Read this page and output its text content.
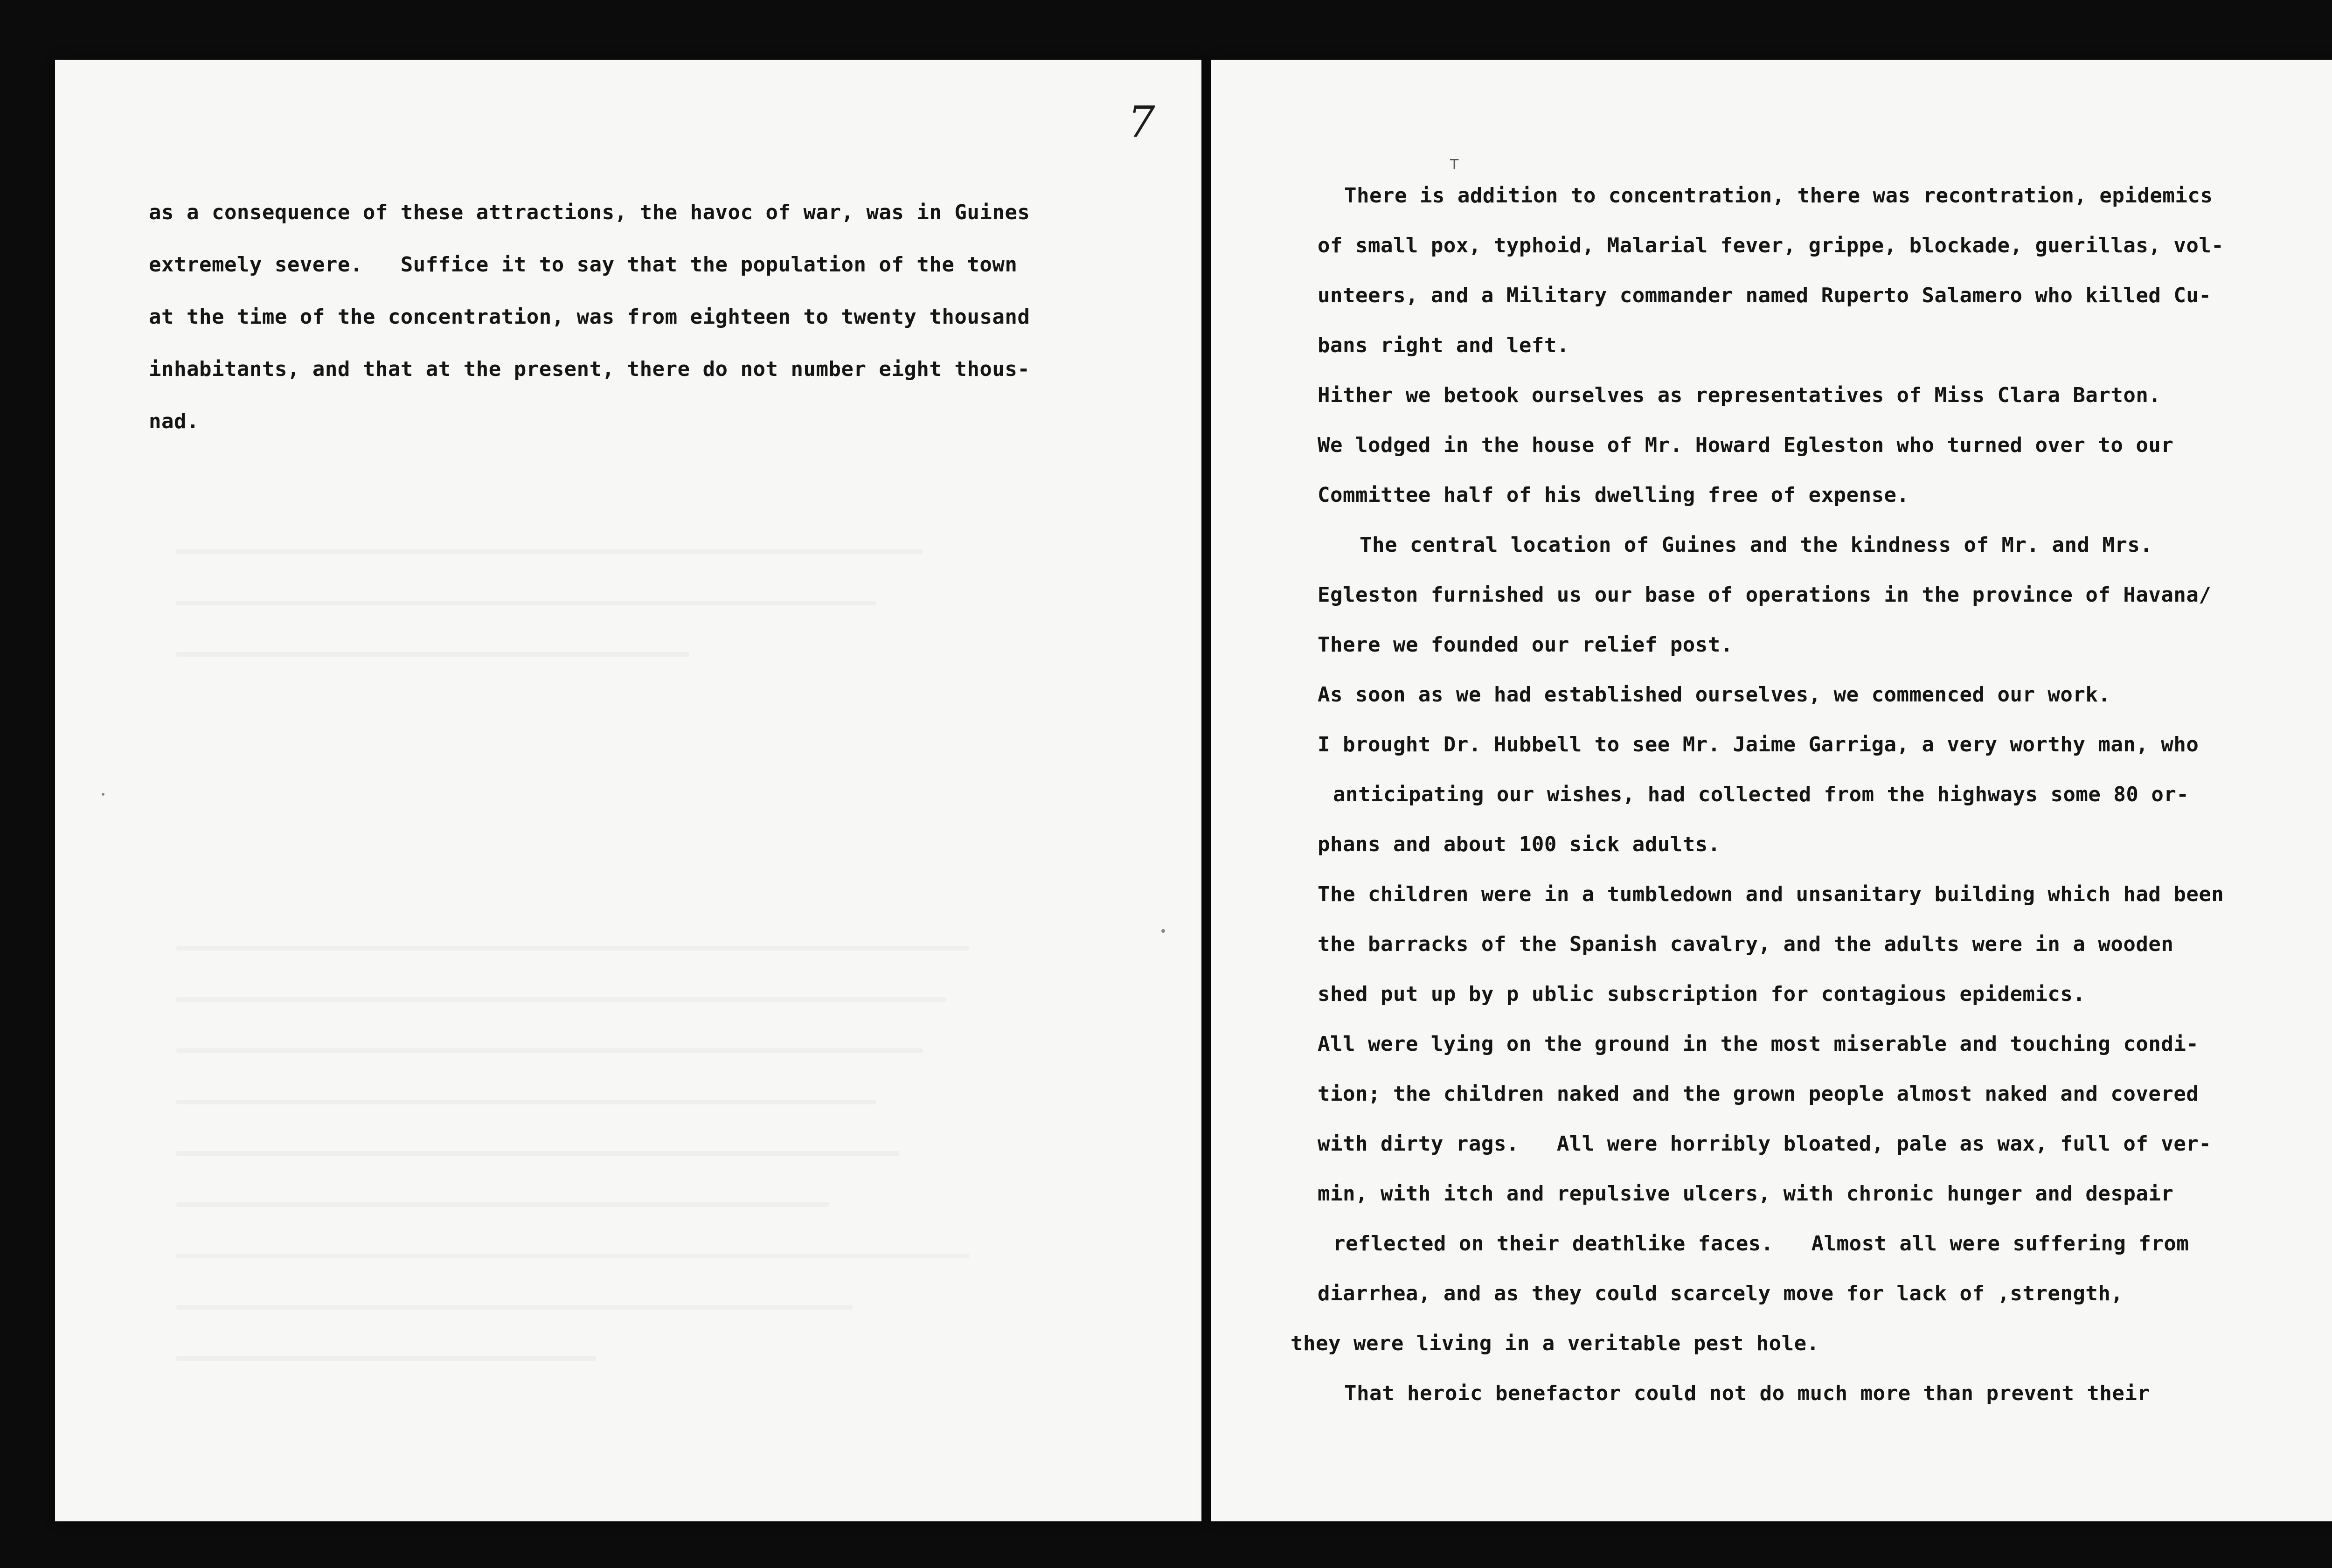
7
as a consequence of these attractions, the havoc of war, was in Guines
extremely severe.   Suffice it to say that the population of the town
at the time of the concentration, was from eighteen to twenty thousand
inhabitants, and that at the present, there do not number eight thous-
nad.
T
There is addition to concentration, there was recontration, epidemics
of small pox, typhoid, Malarial fever, grippe, blockade, guerillas, vol-
unteers, and a Military commander named Ruperto Salamero who killed Cu-
bans right and left.
Hither we betook ourselves as representatives of Miss Clara Barton.
We lodged in the house of Mr. Howard Egleston who turned over to our
Committee half of his dwelling free of expense.
The central location of Guines and the kindness of Mr. and Mrs.
Egleston furnished us our base of operations in the province of Havana/
There we founded our relief post.
As soon as we had established ourselves, we commenced our work.
I brought Dr. Hubbell to see Mr. Jaime Garriga, a very worthy man, who
anticipating our wishes, had collected from the highways some 80 or-
phans and about 100 sick adults.
The children were in a tumbledown and unsanitary building which had been
the barracks of the Spanish cavalry, and the adults were in a wooden
shed put up by p ublic subscription for contagious epidemics.
All were lying on the ground in the most miserable and touching condi-
tion; the children naked and the grown people almost naked and covered
with dirty rags.   All were horribly bloated, pale as wax, full of ver-
min, with itch and repulsive ulcers, with chronic hunger and despair
reflected on their deathlike faces.   Almost all were suffering from
diarrhea, and as they could scarcely move for lack of ,strength,
they were living in a veritable pest hole.
That heroic benefactor could not do much more than prevent their
